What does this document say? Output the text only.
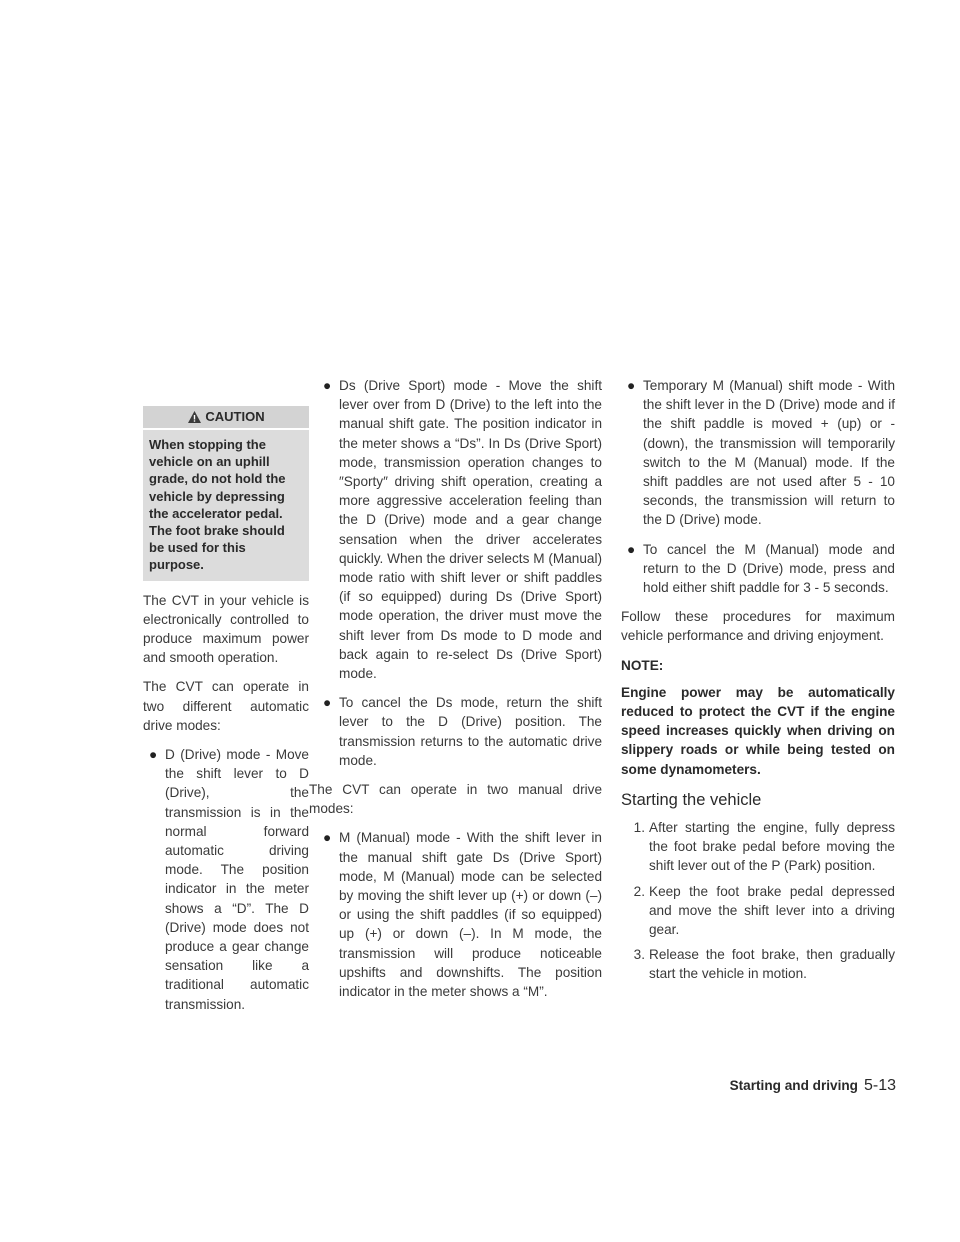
CAUTION
When stopping the vehicle on an uphill grade, do not hold the vehicle by depressing the accelerator pedal. The foot brake should be used for this purpose.

The CVT in your vehicle is electronically controlled to produce maximum power and smooth operation.

The CVT can operate in two different automatic drive modes:

● D (Drive) mode - Move the shift lever to D (Drive), the transmission is in the normal forward automatic driving mode. The position indicator in the meter shows a “D”. The D (Drive) mode does not produce a gear change sensation like a traditional automatic transmission.
● Ds (Drive Sport) mode - Move the shift lever over from D (Drive) to the left into the manual shift gate. The position indicator in the meter shows a “Ds”. In Ds (Drive Sport) mode, transmission operation changes to ″Sporty″ driving shift operation, creating a more aggressive acceleration feeling than the D (Drive) mode and a gear change sensation when the driver accelerates quickly. When the driver selects M (Manual) mode ratio with shift lever or shift paddles (if so equipped) during Ds (Drive Sport) mode operation, the driver must move the shift lever from Ds mode to D mode and back again to re-select Ds (Drive Sport) mode.
● To cancel the Ds mode, return the shift lever to the D (Drive) position. The transmission returns to the automatic drive mode.

The CVT can operate in two manual drive modes:

● M (Manual) mode - With the shift lever in the manual shift gate Ds (Drive Sport) mode, M (Manual) mode can be selected by moving the shift lever up (+) or down (–) or using the shift paddles (if so equipped) up (+) or down (–). In M mode, the transmission will produce noticeable upshifts and downshifts. The position indicator in the meter shows a “M”.
● Temporary M (Manual) shift mode - With the shift lever in the D (Drive) mode and if the shift paddle is moved + (up) or - (down), the transmission will temporarily switch to the M (Manual) mode. If the shift paddles are not used after 5 - 10 seconds, the transmission will return to the D (Drive) mode.
● To cancel the M (Manual) mode and return to the D (Drive) mode, press and hold either shift paddle for 3 - 5 seconds.

Follow these procedures for maximum vehicle performance and driving enjoyment.

NOTE:
Engine power may be automatically reduced to protect the CVT if the engine speed increases quickly when driving on slippery roads or while being tested on some dynamometers.
Starting the vehicle
1. After starting the engine, fully depress the foot brake pedal before moving the shift lever out of the P (Park) position.
2. Keep the foot brake pedal depressed and move the shift lever into a driving gear.
3. Release the foot brake, then gradually start the vehicle in motion.
Starting and driving 5-13
